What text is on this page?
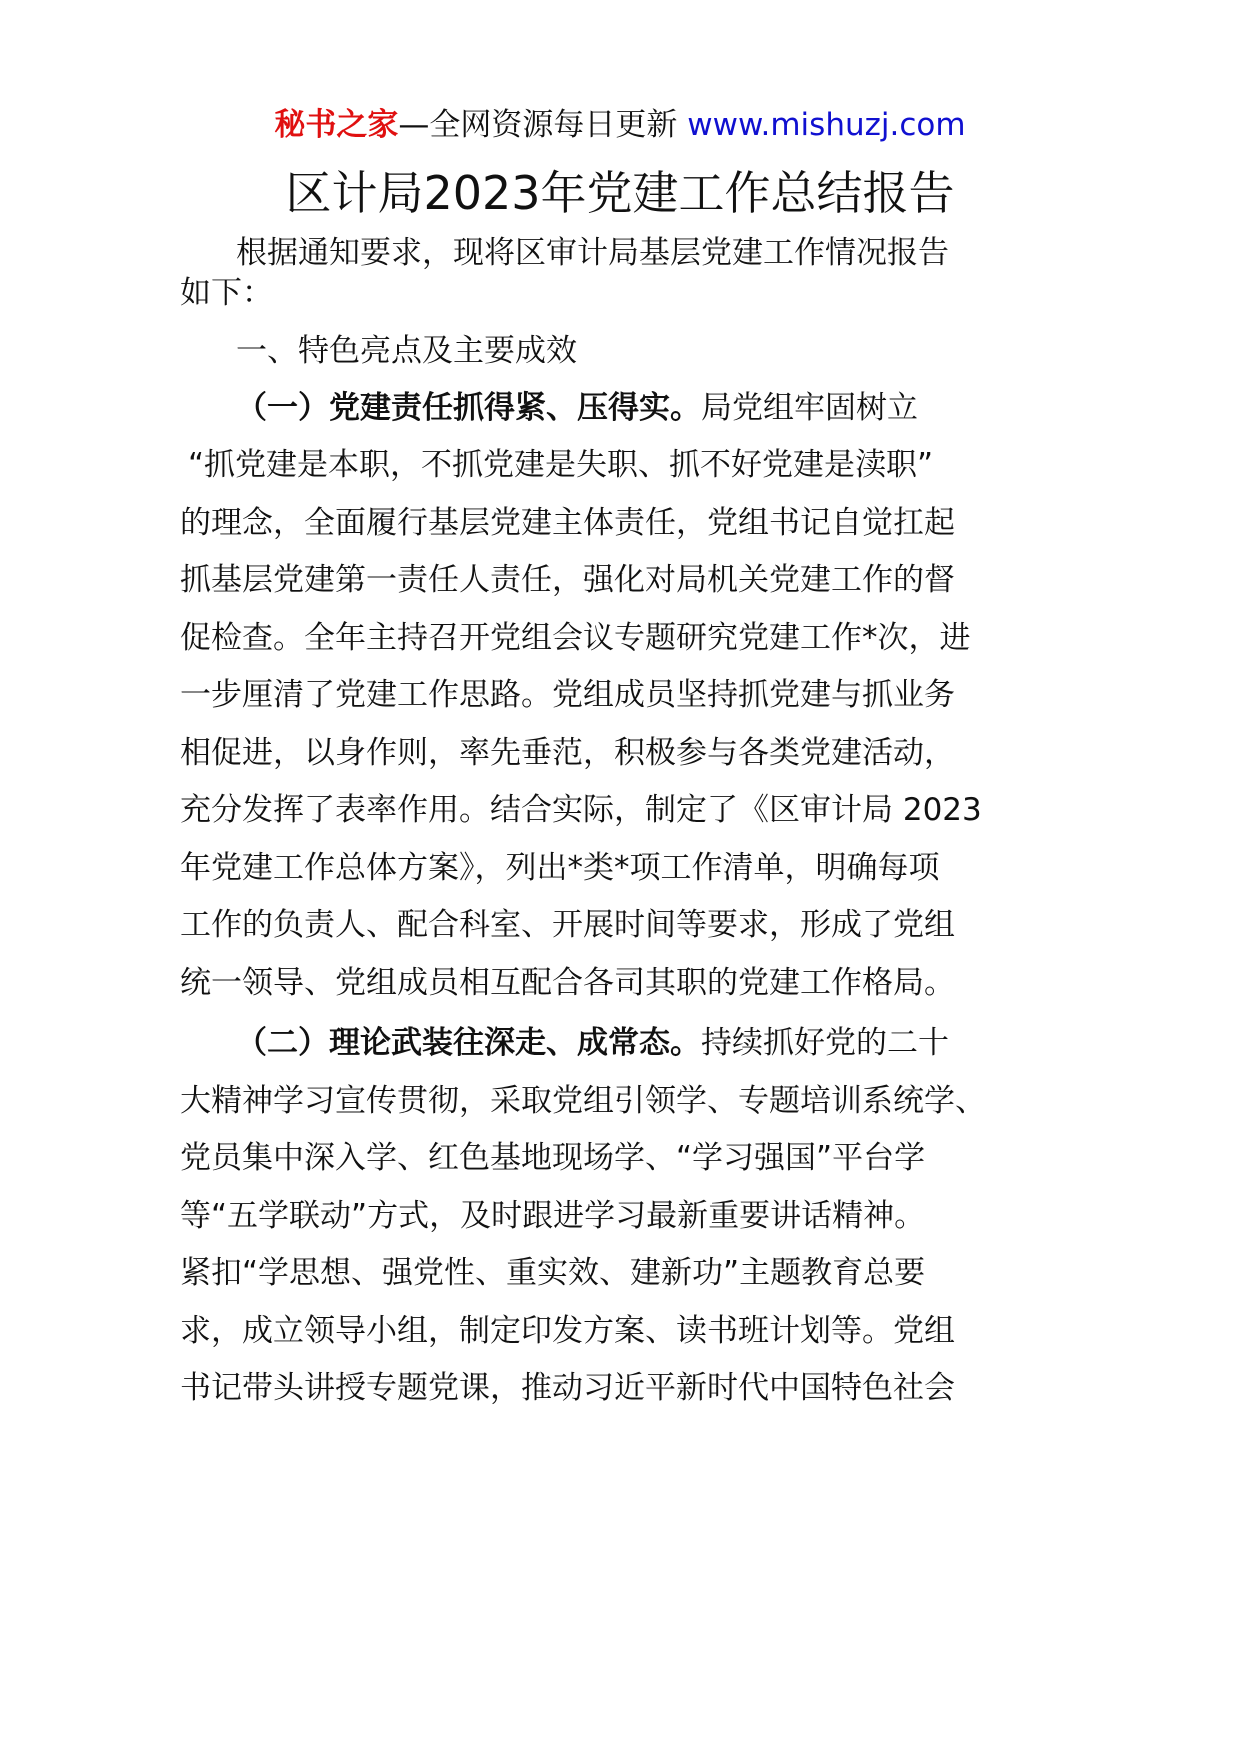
秘书之家—全网资源每日更新 www.mishuzj.com
区计局2023年党建工作总结报告
根据通知要求，现将区审计局基层党建工作情况报告
如下：
一、特色亮点及主要成效
（一）党建责任抓得紧、压得实。局党组牢固树立
“抓党建是本职，不抓党建是失职、抓不好党建是渎职”
的理念，全面履行基层党建主体责任，党组书记自觉扛起
抓基层党建第一责任人责任，强化对局机关党建工作的督
促检查。全年主持召开党组会议专题研究党建工作*次，进
一步厘清了党建工作思路。党组成员坚持抓党建与抓业务
相促进，以身作则，率先垂范，积极参与各类党建活动，
充分发挥了表率作用。结合实际，制定了《区审计局 2023
年党建工作总体方案》，列出*类*项工作清单，明确每项
工作的负责人、配合科室、开展时间等要求，形成了党组
统一领导、党组成员相互配合各司其职的党建工作格局。
（二）理论武装往深走、成常态。持续抓好党的二十
大精神学习宣传贯彻，采取党组引领学、专题培训系统学、
党员集中深入学、红色基地现场学、“学习强国”平台学
等“五学联动”方式，及时跟进学习最新重要讲话精神。
紧扣“学思想、强党性、重实效、建新功”主题教育总要
求，成立领导小组，制定印发方案、读书班计划等。党组
书记带头讲授专题党课，推动习近平新时代中国特色社会
